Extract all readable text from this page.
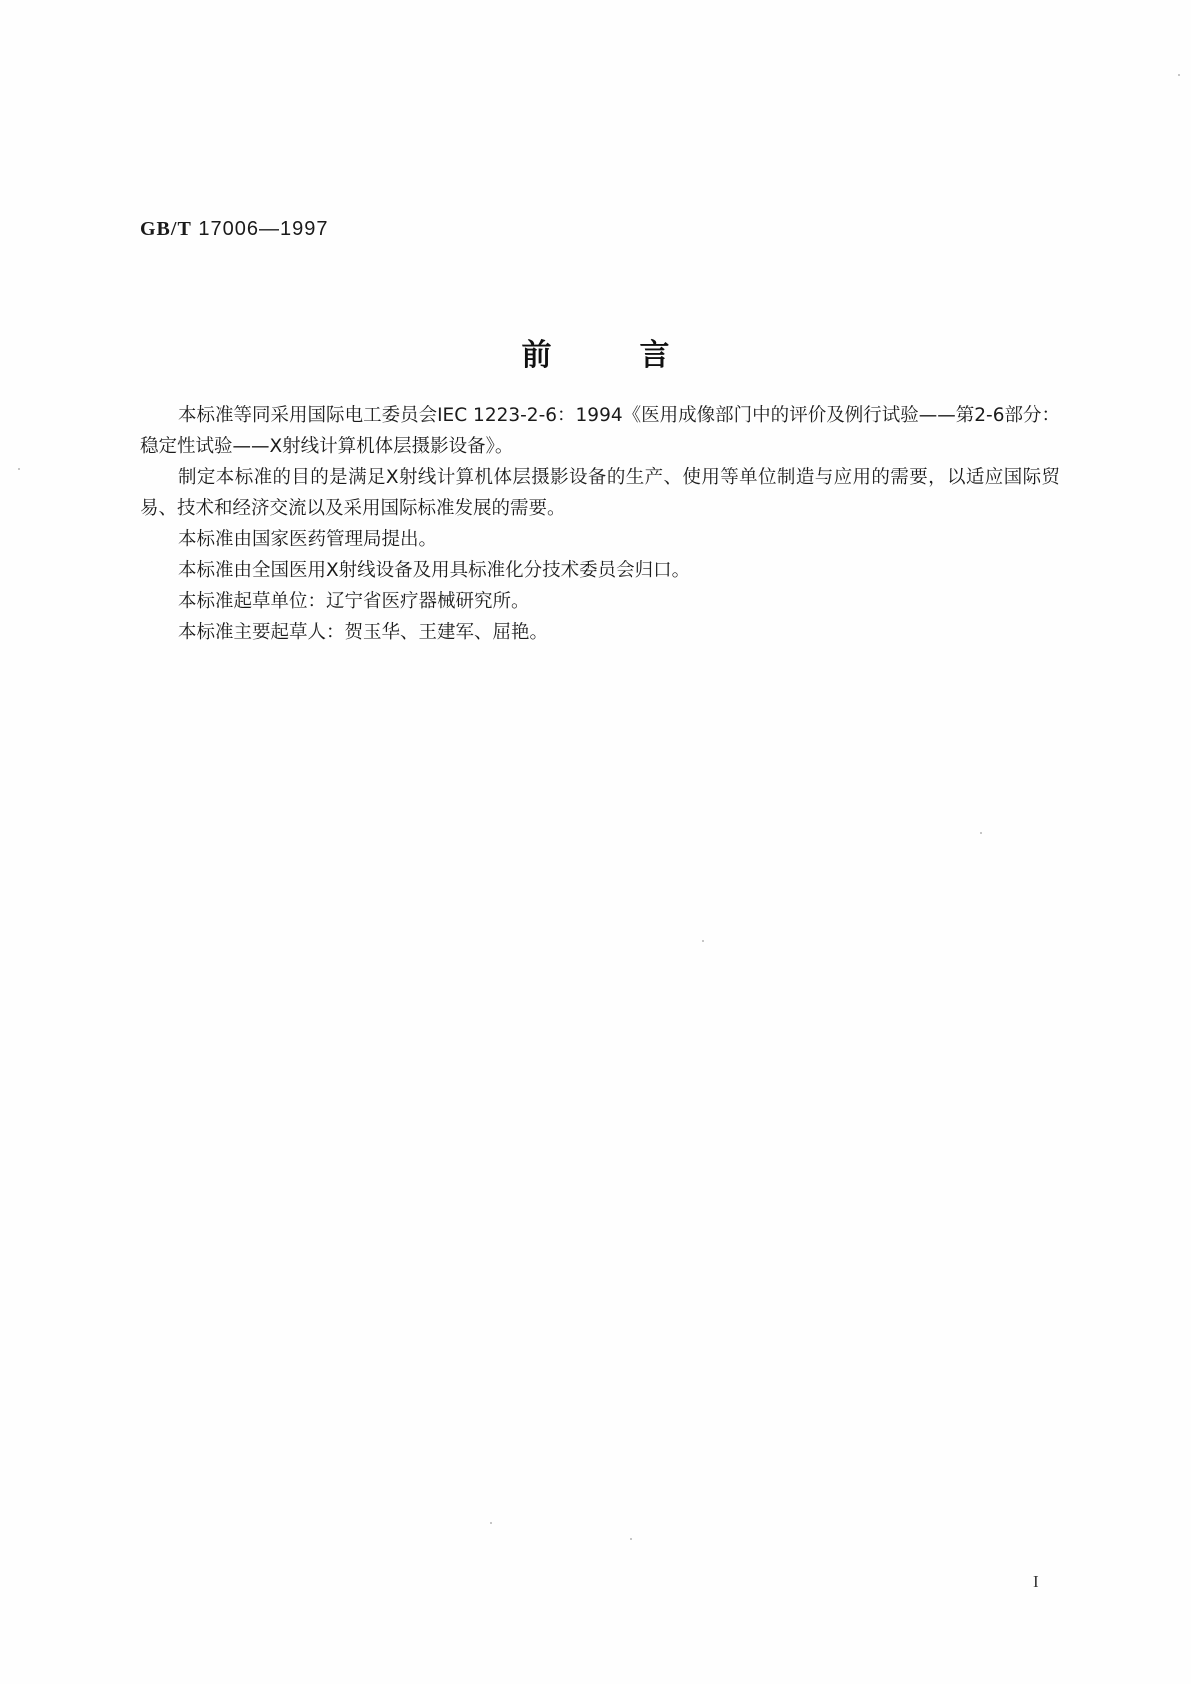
GB/T 17006—1997
前言

本标准等同采用国际电工委员会IEC 1223-2-6：1994《医用成像部门中的评价及例行试验——第2-6部分：稳定性试验——X射线计算机体层摄影设备》。

制定本标准的目的是满足X射线计算机体层摄影设备的生产、使用等单位制造与应用的需要，以适应国际贸易、技术和经济交流以及采用国际标准发展的需要。

本标准由国家医药管理局提出。

本标准由全国医用X射线设备及用具标准化分技术委员会归口。

本标准起草单位：辽宁省医疗器械研究所。

本标准主要起草人：贺玉华、王建军、屈艳。

I
